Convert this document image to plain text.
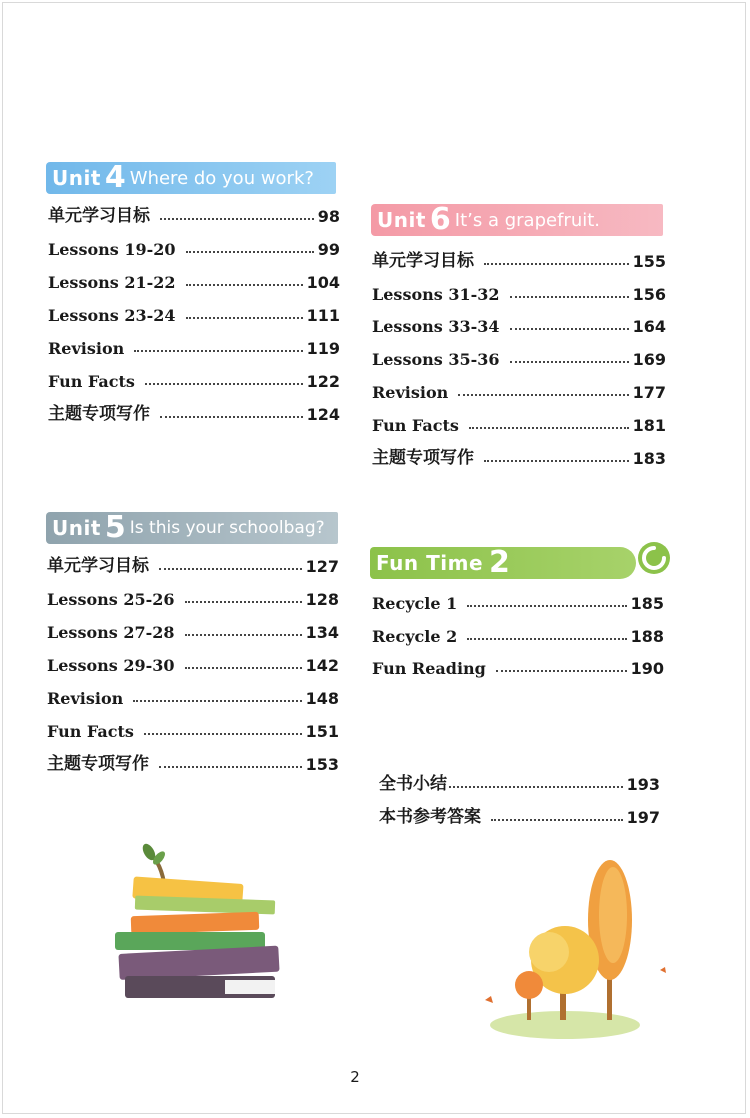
Unit 4 Where do you work?
单元学习目标	98
Lessons 19-20	99
Lessons 21-22	104
Lessons 23-24	111
Revision	119
Fun Facts	122
主题专项写作	124
Unit 5 Is this your schoolbag?
单元学习目标	127
Lessons 25-26	128
Lessons 27-28	134
Lessons 29-30	142
Revision	148
Fun Facts	151
主题专项写作	153
Unit 6 It’s a grapefruit.
单元学习目标	155
Lessons 31-32	156
Lessons 33-34	164
Lessons 35-36	169
Revision	177
Fun Facts	181
主题专项写作	183
Fun Time 2
Recycle 1	185
Recycle 2	188
Fun Reading	190
全书小结	193
本书参考答案	197
2
